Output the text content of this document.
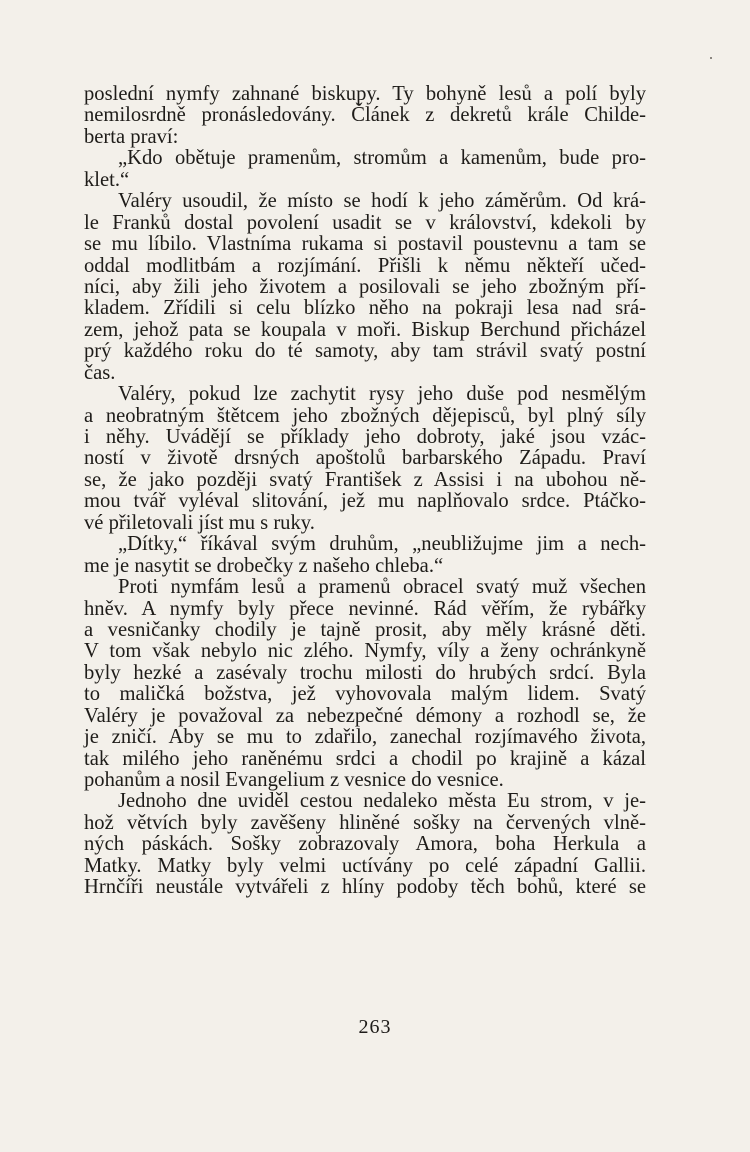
poslední nymfy zahnané biskupy. Ty bohyně lesů a polí byly
nemilosrdně pronásledovány. Článek z dekretů krále Childe-
berta praví:
„Kdo obětuje pramenům, stromům a kamenům, bude pro-
klet.“
Valéry usoudil, že místo se hodí k jeho záměrům. Od krá-
le Franků dostal povolení usadit se v království, kdekoli by
se mu líbilo. Vlastníma rukama si postavil poustevnu a tam se
oddal modlitbám a rozjímání. Přišli k němu někteří učed-
níci, aby žili jeho životem a posilovali se jeho zbožným pří-
kladem. Zřídili si celu blízko něho na pokraji lesa nad srá-
zem, jehož pata se koupala v moři. Biskup Berchund přicházel
prý každého roku do té samoty, aby tam strávil svatý postní
čas.
Valéry, pokud lze zachytit rysy jeho duše pod nesmělým
a neobratným štětcem jeho zbožných dějepisců, byl plný síly
i něhy. Uvádějí se příklady jeho dobroty, jaké jsou vzác-
ností v životě drsných apoštolů barbarského Západu. Praví
se, že jako později svatý František z Assisi i na ubohou ně-
mou tvář vyléval slitování, jež mu naplňovalo srdce. Ptáčko-
vé přiletovali jíst mu s ruky.
„Dítky,“ říkával svým druhům, „neubližujme jim a nech-
me je nasytit se drobečky z našeho chleba.“
Proti nymfám lesů a pramenů obracel svatý muž všechen
hněv. A nymfy byly přece nevinné. Rád věřím, že rybářky
a vesničanky chodily je tajně prosit, aby měly krásné děti.
V tom však nebylo nic zlého. Nymfy, víly a ženy ochránkyně
byly hezké a zasévaly trochu milosti do hrubých srdcí. Byla
to maličká božstva, jež vyhovovala malým lidem. Svatý
Valéry je považoval za nebezpečné démony a rozhodl se, že
je zničí. Aby se mu to zdařilo, zanechal rozjímavého života,
tak milého jeho raněnému srdci a chodil po krajině a kázal
pohanům a nosil Evangelium z vesnice do vesnice.
Jednoho dne uviděl cestou nedaleko města Eu strom, v je-
hož větvích byly zavěšeny hliněné sošky na červených vlně-
ných páskách. Sošky zobrazovaly Amora, boha Herkula a
Matky. Matky byly velmi uctívány po celé západní Gallii.
Hrnčíři neustále vytvářeli z hlíny podoby těch bohů, které se
263
